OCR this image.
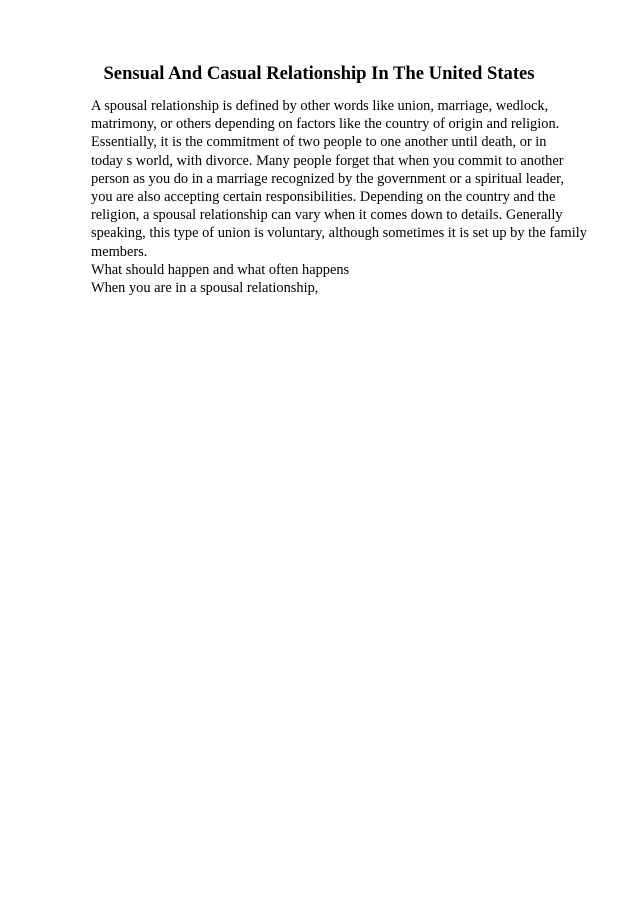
Sensual And Casual Relationship In The United States
A spousal relationship is defined by other words like union, marriage, wedlock,
matrimony, or others depending on factors like the country of origin and religion.
Essentially, it is the commitment of two people to one another until death, or in
today s world, with divorce. Many people forget that when you commit to another
person as you do in a marriage recognized by the government or a spiritual leader,
you are also accepting certain responsibilities. Depending on the country and the
religion, a spousal relationship can vary when it comes down to details. Generally
speaking, this type of union is voluntary, although sometimes it is set up by the family
members.
What should happen and what often happens
When you are in a spousal relationship,
